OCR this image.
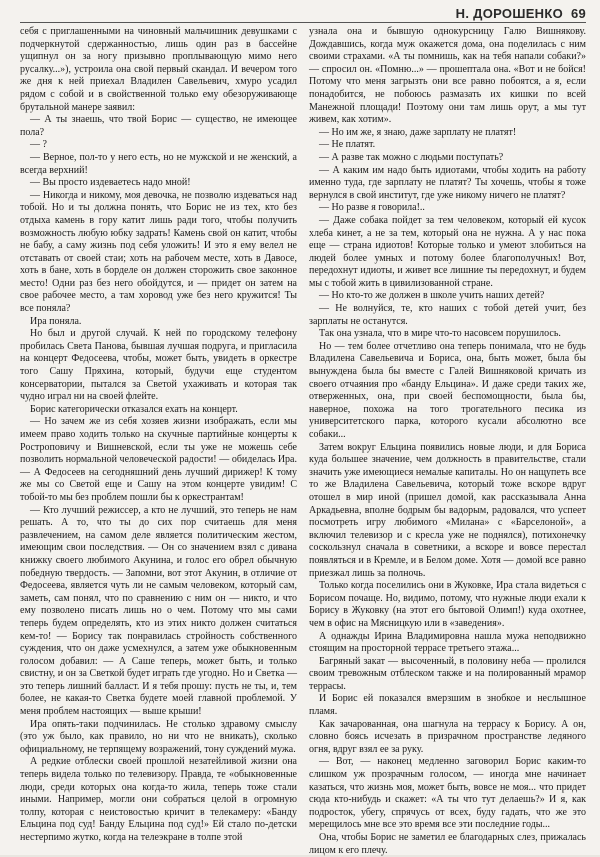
Н. ДОРОШЕНКО 69

себя с приглашенными на чиновный мальчишник девушками с подчеркнутой сдержанностью, лишь один раз в бассейне ущипнул он за ногу призывно проплывающую мимо него русалку...»), устроила она свой первый скандал. И вечером того же дня к ней приехал Владилен Савельевич, хмуро усадил рядом с собой и в свойственной только ему обезоруживающе брутальной манере заявил:

— А ты знаешь, что твой Борис — существо, не имеющее пола?

— ?

— Верное, пол-то у него есть, но не мужской и не женский, а всегда верхний!

— Вы просто издеваетесь надо мной!

— Никогда и никому, моя девочка, не позволю издеваться над тобой. Но и ты должна понять, что Борис не из тех, кто без отдыха камень в гору катит лишь ради того, чтобы получить возможность любую юбку задрать! Камень свой он катит, чтобы не бабу, а саму жизнь под себя уложить! И это я ему велел не отставать от своей стаи; хоть на рабочем месте, хоть в Давосе, хоть в бане, хоть в борделе он должен сторожить свое законное место! Одни раз без него обойдутся, и — придет он затем на свое рабочее место, а там хоровод уже без него кружится! Ты все поняла?

Ира поняла.

Но был и другой случай. К ней по городскому телефону пробилась Света Панова, бывшая лучшая подруга, и пригласила на концерт Федосеева, чтобы, может быть, увидеть в оркестре того Сашу Пряхина, который, будучи еще студентом консерватории, пытался за Светой ухаживать и которая так чудно играл ни на своей флейте.

Борис категорически отказался ехать на концерт.

— Но зачем же из себя хозяев жизни изображать, если мы имеем право ходить только на скучные партийные концерты к Ростроповичу и Вишневской, если ты уже не можешь себе позволить нормальной человеческой радости! — обиделась Ира. — А Федосеев на сегодняшний день лучший дирижер! К тому же мы со Светой еще и Сашу на этом концерте увидим! С тобой-то мы без проблем пошли бы к оркестрантам!

— Кто лучший режиссер, а кто не лучший, это теперь не нам решать. А то, что ты до сих пор считаешь для меня развлечением, на самом деле является политическим жестом, имеющим свои последствия. — Он со значением взял с дивана книжку своего любимого Акунина, и голос его обрел обычную победную твердость. — Запомни, вот этот Акунин, в отличие от Федосеева, является чуть ли не самым человеком, который сам, заметь, сам понял, что по сравнению с ним он — никто, и что ему позволено писать лишь но о чем. Потому что мы сами теперь будем определять, кто из этих никто должен считаться кем-то! — Борису так понравилась стройность собственного суждения, что он даже усмехнулся, а затем уже обыкновенным голосом добавил: — А Саше теперь, может быть, и только свистну, и он за Светкой будет играть где угодно. Но и Светка — это теперь лишний балласт. И я тебя прошу: пусть не ты, и, тем более, не какая-то Светка будете моей главной проблемой. У меня проблем настоящих — выше крыши!

Ира опять-таки подчинилась. Не столько здравому смыслу (это уж было, как правило, но ни что не вникать), сколько официальному, не терпящему возражений, тону суждений мужа.

А редкие отблески своей прошлой незатейливой жизни она теперь видела только по телевизору. Правда, те «обыкновенные люди, среди которых она когда-то жила, теперь тоже стали иными. Например, могли они собраться целой в огромную толпу, которая с неистовостью кричит в телекамеру: «Банду Ельцина под суд! Банду Ельцина под суд!» Ей стало по-детски нестерпимо жутко, когда на телеэкране в толпе этой

узнала она и бывшую однокурсницу Галю Вишнякову. Дождавшись, когда муж окажется дома, она поделилась с ним своими страхами. «А ты помнишь, как на тебя напали собаки?» — спросил он. «Помню...» — прошептала она. «Вот и не бойся! Потому что меня загрызть они все равно побоятся, а я, если понадобится, не побоюсь размазать их кишки по всей Манежной площади! Поэтому они там лишь орут, а мы тут живем, как хотим».

— Но им же, я знаю, даже зарплату не платят!

— Не платят.

— А разве так можно с людьми поступать?

— А каким им надо быть идиотами, чтобы ходить на работу именно туда, где зарплату не платят? Ты хочешь, чтобы я тоже вернулся в свой институт, где уже никому ничего не платят?

— Но разве я говорила!..

— Даже собака пойдет за тем человеком, который ей кусок хлеба кинет, а не за тем, который она не нужна. А у нас пока еще — страна идиотов! Которые только и умеют злобиться на людей более умных и потому более благополучных! Вот, передохнут идиоты, и живет все лишние ты передохнут, и будем мы с тобой жить в цивилизованной стране.

— Но кто-то же должен в школе учить наших детей?

— Не волнуйся, те, кто наших с тобой детей учит, без зарплаты не останутся.

Так она узнала, что в мире что-то насовсем порушилось.

Но — тем более отчетливо она теперь понимала, что не будь Владилена Савельевича и Бориса, она, быть может, была бы вынуждена была бы вместе с Галей Вишняковой кричать из своего отчаяния про «банду Ельцина». И даже среди таких же, отверженных, она, при своей беспомощности, была бы, наверное, похожа на того трогательного песика из университетского парка, которого кусали абсолютно все собаки...

Затем вокруг Ельцина появились новые люди, и для Бориса куда большее значение, чем должность в правительстве, стали значить уже имеющиеся немалые капиталы. Но он нащупеть все то же Владилена Савельевича, который тоже вскоре вдруг отошел в мир иной (пришел домой, как рассказывала Анна Аркадьевна, вполне бодрым бы вадорым, радовался, что успеет посмотреть игру любимого «Милана» с «Барселоной», а включил телевизор и с кресла уже не поднялся), потихонечку соскользнул сначала в советники, а вскоре и вовсе перестал появляться и в Кремле, и в Белом доме. Хотя — домой все равно приезжал лишь за полночь.

Только когда поселились они в Жуковке, Ира стала видеться с Борисом почаще. Но, видимо, потому, что нужные люди ехали к Борису в Жуковку (на этот его бытовой Олимп!) куда охотнее, чем в офис на Мясницкую или в «заведения».

А однажды Ирина Владимировна нашла мужа неподвижно стоящим на просторной террасе третьего этажа...

Багряный закат — высоченный, в половину неба — пролился своим тревожным отблеском также и на полированный мрамор террасы.

И Борис ей показался вмерзшим в знобкое и неслышное пламя.

Как зачарованная, она шагнула на террасу к Борису. А он, словно боясь исчезать в призрачном пространстве ледяного огня, вдруг взял ее за руку.

— Вот, — наконец медленно заговорил Борис каким-то слишком уж прозрачным голосом, — иногда мне начинает казаться, что жизнь моя, может быть, вовсе не моя... что придет сюда кто-нибудь и скажет: «А ты что тут делаешь?» И я, как подросток, убегу, спрячусь от всех, буду гадать, что же это мерещилось мне все это время все эти последние годы...

Она, чтобы Борис не заметил ее благодарных слез, прижалась лицом к его плечу.
